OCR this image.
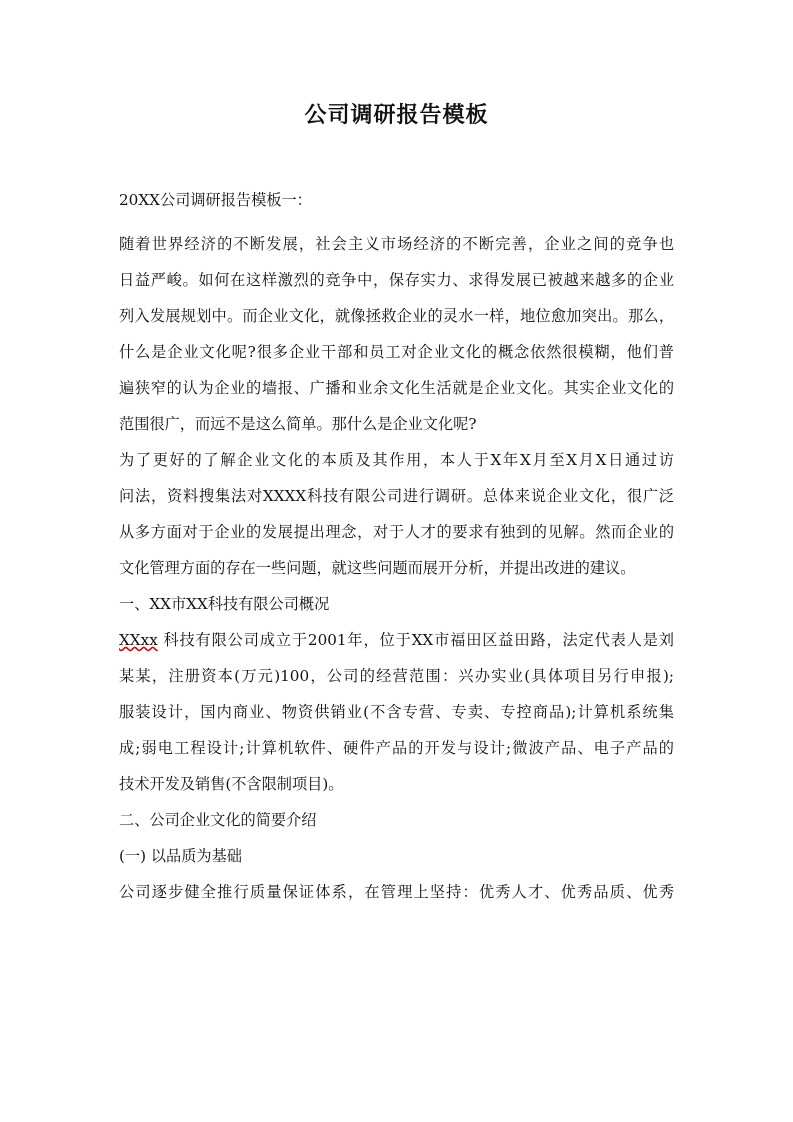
公司调研报告模板
20XX公司调研报告模板一：
随着世界经济的不断发展，社会主义市场经济的不断完善，企业之间的竞争也
日益严峻。如何在这样激烈的竞争中，保存实力、求得发展已被越来越多的企业
列入发展规划中。而企业文化，就像拯救企业的灵水一样，地位愈加突出。那么，
什么是企业文化呢?很多企业干部和员工对企业文化的概念依然很模糊，他们普
遍狭窄的认为企业的墙报、广播和业余文化生活就是企业文化。其实企业文化的
范围很广，而远不是这么简单。那什么是企业文化呢?
为了更好的了解企业文化的本质及其作用，本人于X年X月至X月X日通过访
问法，资料搜集法对XXXX科技有限公司进行调研。总体来说企业文化，很广泛
从多方面对于企业的发展提出理念，对于人才的要求有独到的见解。然而企业的
文化管理方面的存在一些问题，就这些问题而展开分析，并提出改进的建议。
一、XX市XX科技有限公司概况
XXxx 科技有限公司成立于2001年，位于XX市福田区益田路，法定代表人是刘
某某，注册资本(万元)100，公司的经营范围：兴办实业(具体项目另行申报);
服装设计，国内商业、物资供销业(不含专营、专卖、专控商品);计算机系统集
成;弱电工程设计;计算机软件、硬件产品的开发与设计;微波产品、电子产品的
技术开发及销售(不含限制项目)。
二、公司企业文化的简要介绍
(一) 以品质为基础
公司逐步健全推行质量保证体系，在管理上坚持：优秀人才、优秀品质、优秀
